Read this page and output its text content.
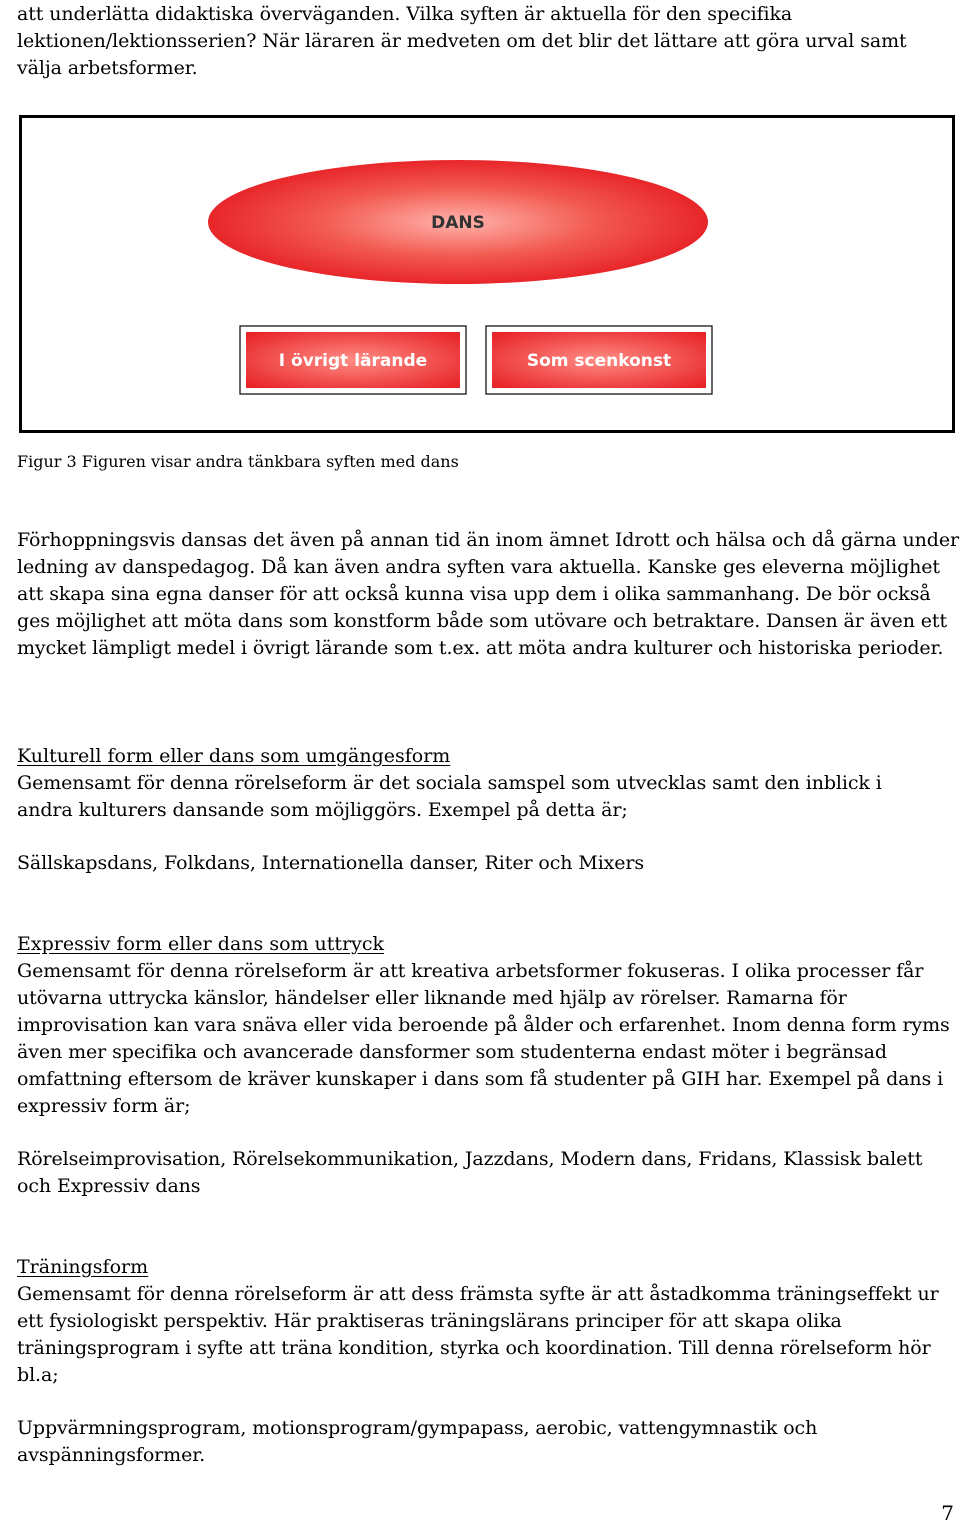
att underlätta didaktiska överväganden. Vilka syften är aktuella för den specifika lektionen/lektionsserien? När läraren är medveten om det blir det lättare att göra urval samt välja arbetsformer.

DANS
I övrigt lärande	Som scenkonst
Figur 3 Figuren visar andra tänkbara syften med dans

Förhoppningsvis dansas det även på annan tid än inom ämnet Idrott och hälsa och då gärna under ledning av danspedagog. Då kan även andra syften vara aktuella. Kanske ges eleverna möjlighet att skapa sina egna danser för att också kunna visa upp dem i olika sammanhang. De bör också ges möjlighet att möta dans som konstform både som utövare och betraktare. Dansen är även ett mycket lämpligt medel i övrigt lärande som t.ex. att möta andra kulturer och historiska perioder.

Kulturell form eller dans som umgängesform

Gemensamt för denna rörelseform är det sociala samspel som utvecklas samt den inblick i andra kulturers dansande som möjliggörs. Exempel på detta är;

Sällskapsdans, Folkdans, Internationella danser, Riter och Mixers

Expressiv form eller dans som uttryck

Gemensamt för denna rörelseform är att kreativa arbetsformer fokuseras. I olika processer får utövarna uttrycka känslor, händelser eller liknande med hjälp av rörelser. Ramarna för improvisation kan vara snäva eller vida beroende på ålder och erfarenhet. Inom denna form ryms även mer specifika och avancerade dansformer som studenterna endast möter i begränsad omfattning eftersom de kräver kunskaper i dans som få studenter på GIH har. Exempel på dans i expressiv form är;

Rörelseimprovisation, Rörelsekommunikation, Jazzdans, Modern dans, Fridans, Klassisk balett och Expressiv dans

Träningsform

Gemensamt för denna rörelseform är att dess främsta syfte är att åstadkomma träningseffekt ur ett fysiologiskt perspektiv. Här praktiseras träningslärans principer för att skapa olika träningsprogram i syfte att träna kondition, styrka och koordination. Till denna rörelseform hör bl.a;

Uppvärmningsprogram, motionsprogram/gympapass, aerobic, vattengymnastik och avspänningsformer.

7
